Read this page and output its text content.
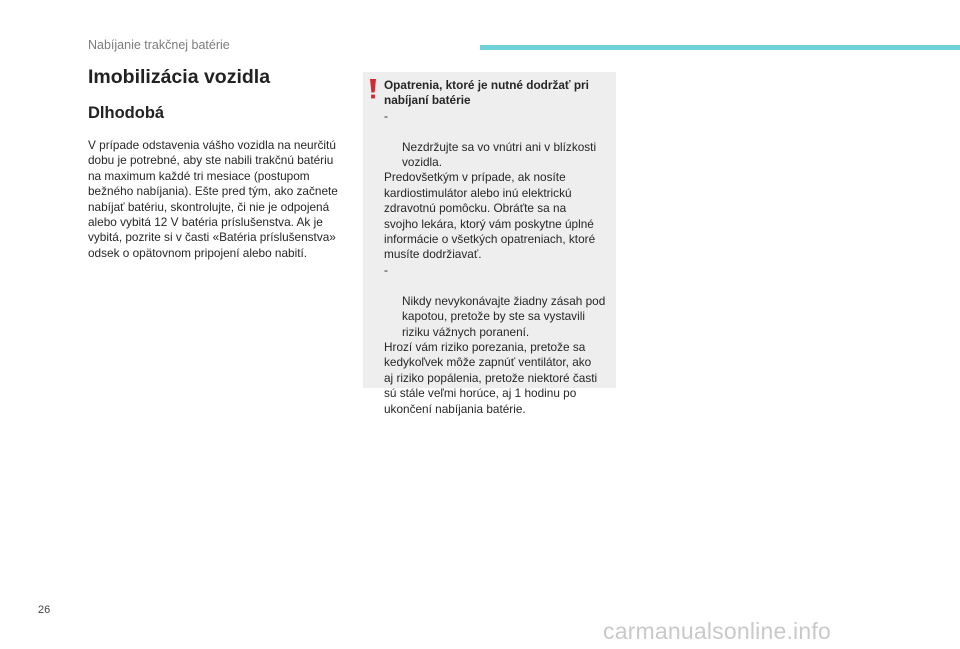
Nabíjanie trakčnej batérie
Imobilizácia vozidla
Dlhodobá
V prípade odstavenia vášho vozidla na neurčitú
dobu je potrebné, aby ste nabili trakčnú batériu
na maximum každé tri mesiace (postupom
bežného nabíjania). Ešte pred tým, ako začnete
nabíjať batériu, skontrolujte, či nie je odpojená
alebo vybitá 12 V batéria príslušenstva. Ak je
vybitá, pozrite si v časti «Batéria príslušenstva»
odsek o opätovnom pripojení alebo nabití.
Opatrenia, ktoré je nutné dodržať pri
nabíjaní batérie

-

Nezdržujte sa vo vnútri ani v blízkosti
vozidla.

Predovšetkým v prípade, ak nosíte
kardiostimulátor alebo inú elektrickú
zdravotnú pomôcku. Obráťte sa na
svojho lekára, ktorý vám poskytne úplné
informácie o všetkých opatreniach, ktoré
musíte dodržiavať.

-

Nikdy nevykonávajte žiadny zásah pod
kapotou, pretože by ste sa vystavili
riziku vážnych poranení.

Hrozí vám riziko porezania, pretože sa
kedykoľvek môže zapnúť ventilátor, ako
aj riziko popálenia, pretože niektoré časti
sú stále veľmi horúce, aj 1 hodinu po
ukončení nabíjania batérie.
26
carmanualsonline.info
